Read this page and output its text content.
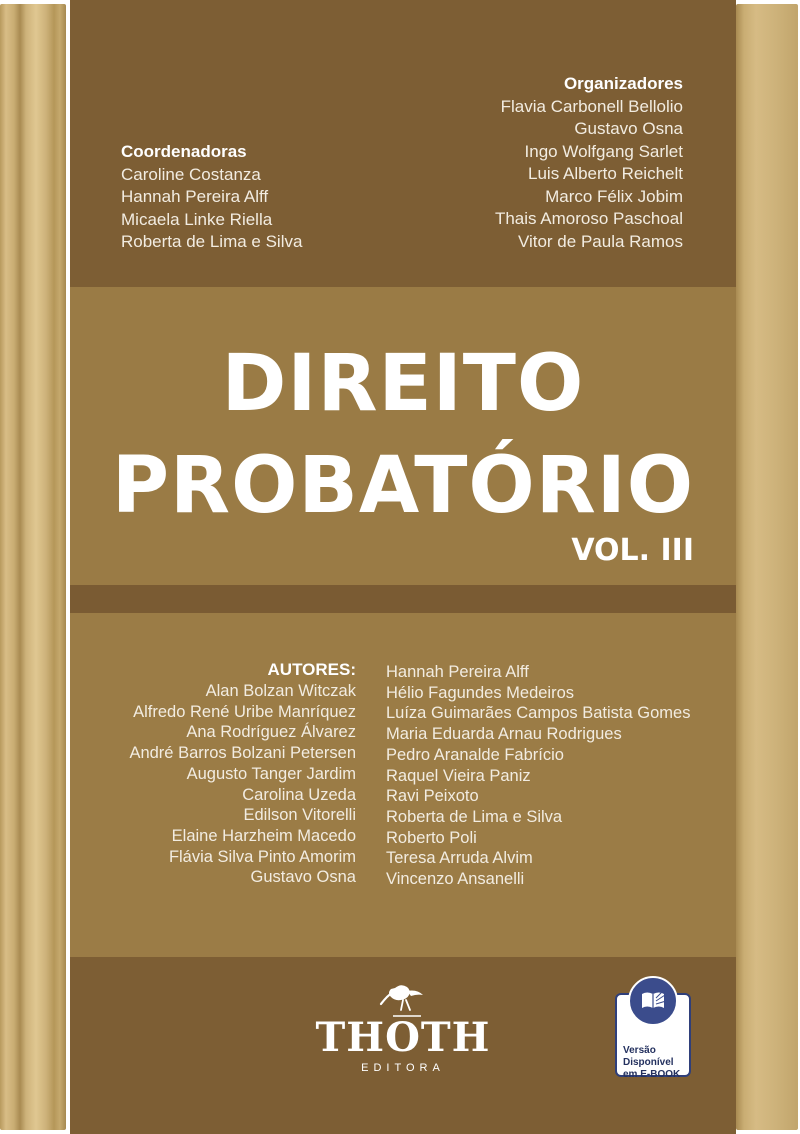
Organizadores
Flavia Carbonell Bellolio
Gustavo Osna
Ingo Wolfgang Sarlet
Luis Alberto Reichelt
Marco Félix Jobim
Thais Amoroso Paschoal
Vitor de Paula Ramos
Coordenadoras
Caroline Costanza
Hannah Pereira Alff
Micaela Linke Riella
Roberta de Lima e Silva
DIREITO
PROBATÓRIO
VOL. III
AUTORES:
Alan Bolzan Witczak
Alfredo René Uribe Manríquez
Ana Rodríguez Álvarez
André Barros Bolzani Petersen
Augusto Tanger Jardim
Carolina Uzeda
Edilson Vitorelli
Elaine Harzheim Macedo
Flávia Silva Pinto Amorim
Gustavo Osna
Hannah Pereira Alff
Hélio Fagundes Medeiros
Luíza Guimarães Campos Batista Gomes
Maria Eduarda Arnau Rodrigues
Pedro Aranalde Fabrício
Raquel Vieira Paniz
Ravi Peixoto
Roberta de Lima e Silva
Roberto Poli
Teresa Arruda Alvim
Vincenzo Ansanelli
THOTH
EDITORA
Versão
Disponível
em E-BOOK
